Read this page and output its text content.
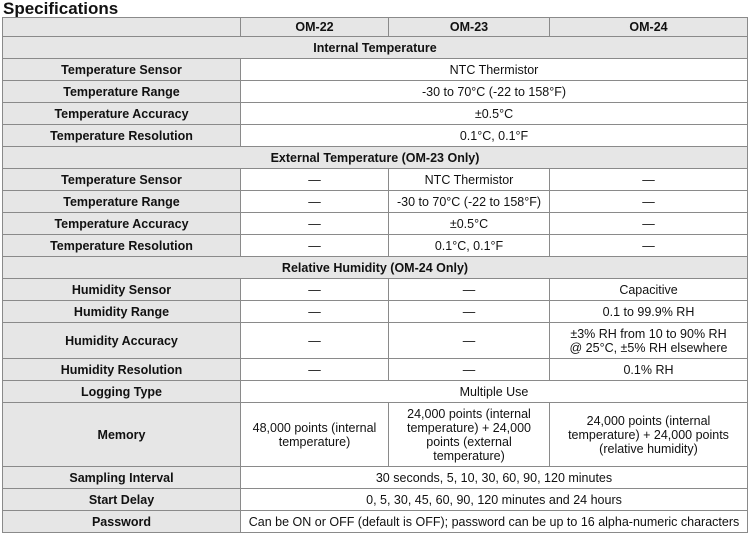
Specifications
	OM-22	OM-23	OM-24
Internal Temperature			
Temperature Sensor	NTC Thermistor		
Temperature Range	-30 to 70°C (-22 to 158°F)		
Temperature Accuracy	±0.5°C		
Temperature Resolution	0.1°C, 0.1°F		
External Temperature (OM-23 Only)			
Temperature Sensor	—	NTC Thermistor	—
Temperature Range	—	-30 to 70°C (-22 to 158°F)	—
Temperature Accuracy	—	±0.5°C	—
Temperature Resolution	—	0.1°C, 0.1°F	—
Relative Humidity (OM-24 Only)			
Humidity Sensor	—	—	Capacitive
Humidity Range	—	—	0.1 to 99.9% RH
Humidity Accuracy	—	—	±3% RH from 10 to 90% RH
@ 25°C, ±5% RH elsewhere
Humidity Resolution	—	—	0.1% RH
Logging Type	Multiple Use		
Memory	48,000 points (internal temperature)	24,000 points (internal temperature) + 24,000 points (external temperature)	24,000 points (internal temperature) + 24,000 points (relative humidity)
Sampling Interval	30 seconds, 5, 10, 30, 60, 90, 120 minutes		
Start Delay	0, 5, 30, 45, 60, 90, 120 minutes and 24 hours		
Password	Can be ON or OFF (default is OFF); password can be up to 16 alpha-numeric characters		
